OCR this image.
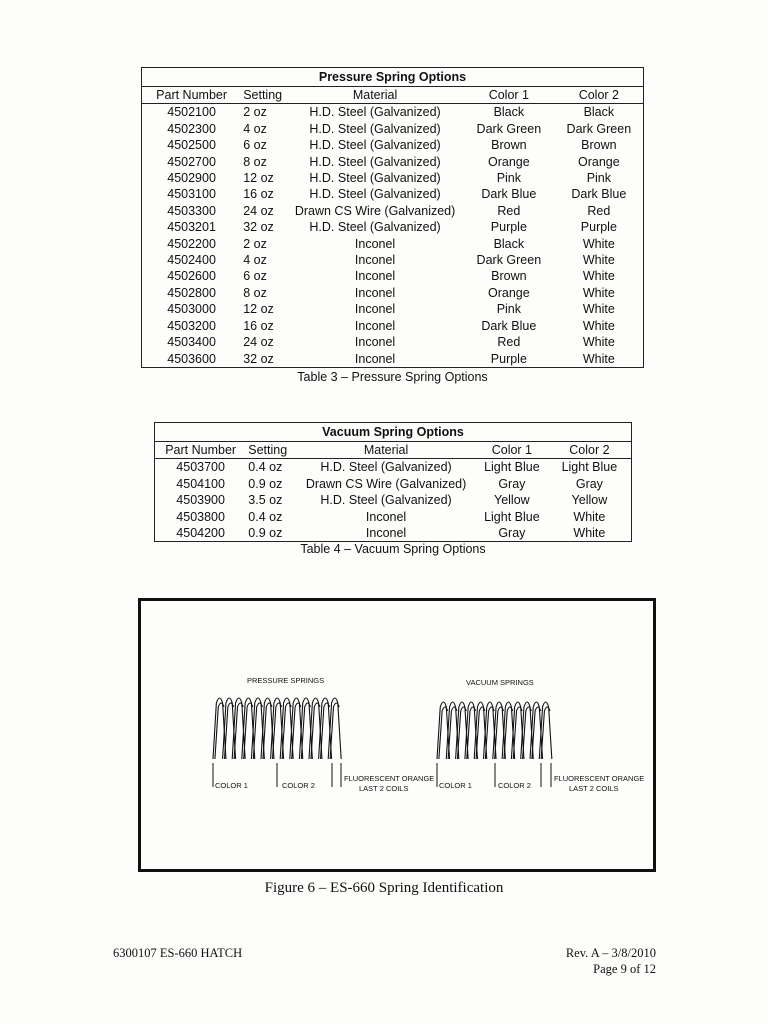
Pressure Spring Options				
Part Number	Setting	Material	Color 1	Color 2
4502100	2 oz	H.D. Steel (Galvanized)	Black	Black
4502300	4 oz	H.D. Steel (Galvanized)	Dark Green	Dark Green
4502500	6 oz	H.D. Steel (Galvanized)	Brown	Brown
4502700	8 oz	H.D. Steel (Galvanized)	Orange	Orange
4502900	12 oz	H.D. Steel (Galvanized)	Pink	Pink
4503100	16 oz	H.D. Steel (Galvanized)	Dark Blue	Dark Blue
4503300	24 oz	Drawn CS Wire (Galvanized)	Red	Red
4503201	32 oz	H.D. Steel (Galvanized)	Purple	Purple
4502200	2 oz	Inconel	Black	White
4502400	4 oz	Inconel	Dark Green	White
4502600	6 oz	Inconel	Brown	White
4502800	8 oz	Inconel	Orange	White
4503000	12 oz	Inconel	Pink	White
4503200	16 oz	Inconel	Dark Blue	White
4503400	24 oz	Inconel	Red	White
4503600	32 oz	Inconel	Purple	White
Table 3 – Pressure Spring Options
Vacuum Spring Options				
Part Number	Setting	Material	Color 1	Color 2
4503700	0.4 oz	H.D. Steel (Galvanized)	Light Blue	Light Blue
4504100	0.9 oz	Drawn CS Wire (Galvanized)	Gray	Gray
4503900	3.5 oz	H.D. Steel (Galvanized)	Yellow	Yellow
4503800	0.4 oz	Inconel	Light Blue	White
4504200	0.9 oz	Inconel	Gray	White
Table 4 – Vacuum Spring Options
PRESSURE SPRINGS	VACUUM SPRINGS
COLOR 1	COLOR 2
FLUORESCENT ORANGE
LAST 2 COILS	COLOR 1	COLOR 2
FLUORESCENT ORANGE
LAST 2 COILS
Figure 6 – ES-660 Spring Identification
6300107 ES-660 HATCH	Rev. A – 3/8/2010
Page 9 of 12
